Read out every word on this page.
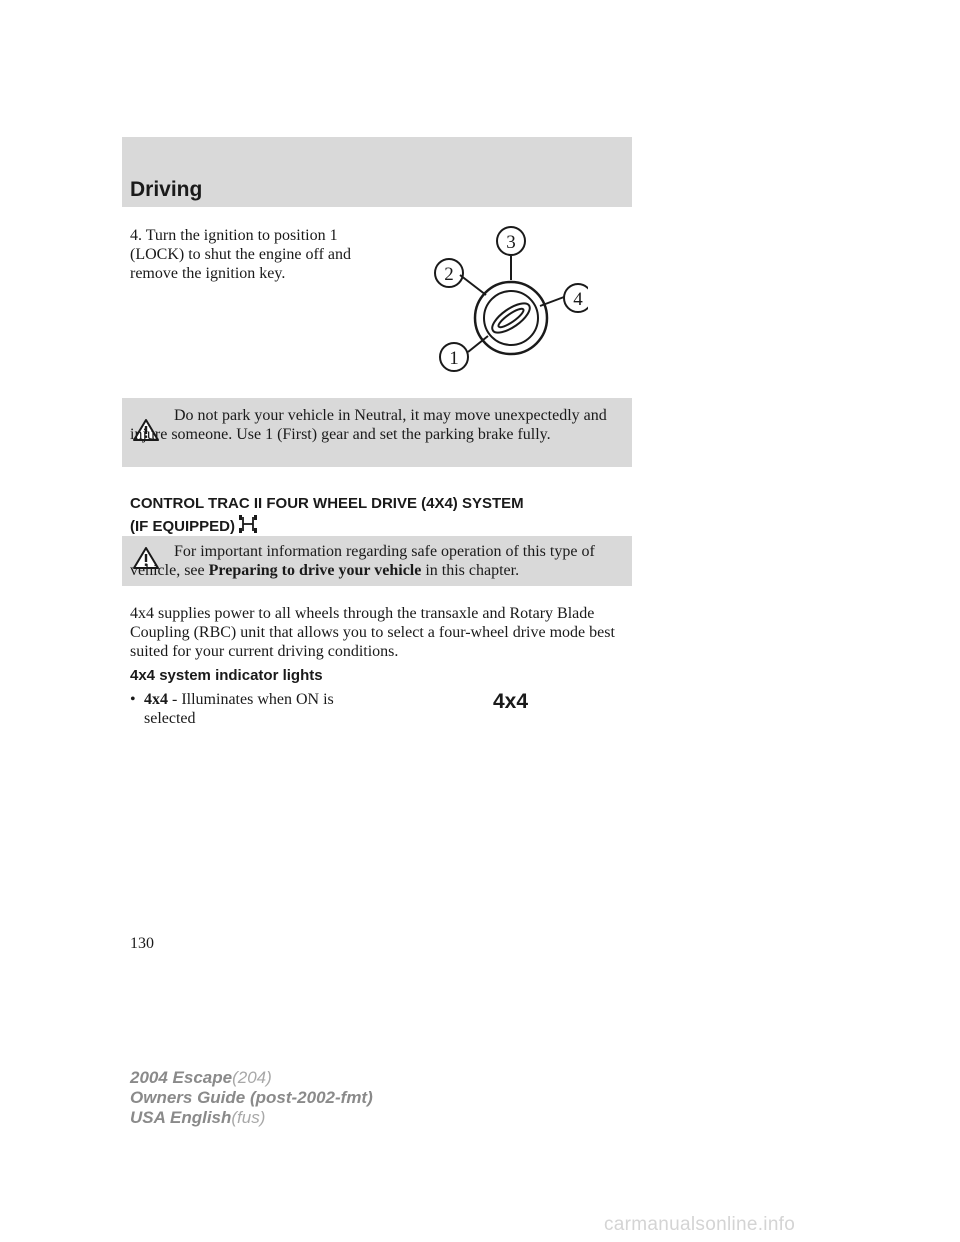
Driving
4. Turn the ignition to position 1 (LOCK) to shut the engine off and remove the ignition key.
1
2
3
4
Do not park your vehicle in Neutral, it may move unexpectedly and injure someone. Use 1 (First) gear and set the parking brake fully.
CONTROL TRAC II FOUR WHEEL DRIVE (4X4) SYSTEM
(IF EQUIPPED)
For important information regarding safe operation of this type of vehicle, see Preparing to drive your vehicle in this chapter.
4x4 supplies power to all wheels through the transaxle and Rotary Blade Coupling (RBC) unit that allows you to select a four-wheel drive mode best suited for your current driving conditions.
4x4 system indicator lights
• 4x4 - Illuminates when ON is selected
4x4
130
2004 Escape(204)
Owners Guide (post-2002-fmt)
USA English(fus)
carmanualsonline.info
